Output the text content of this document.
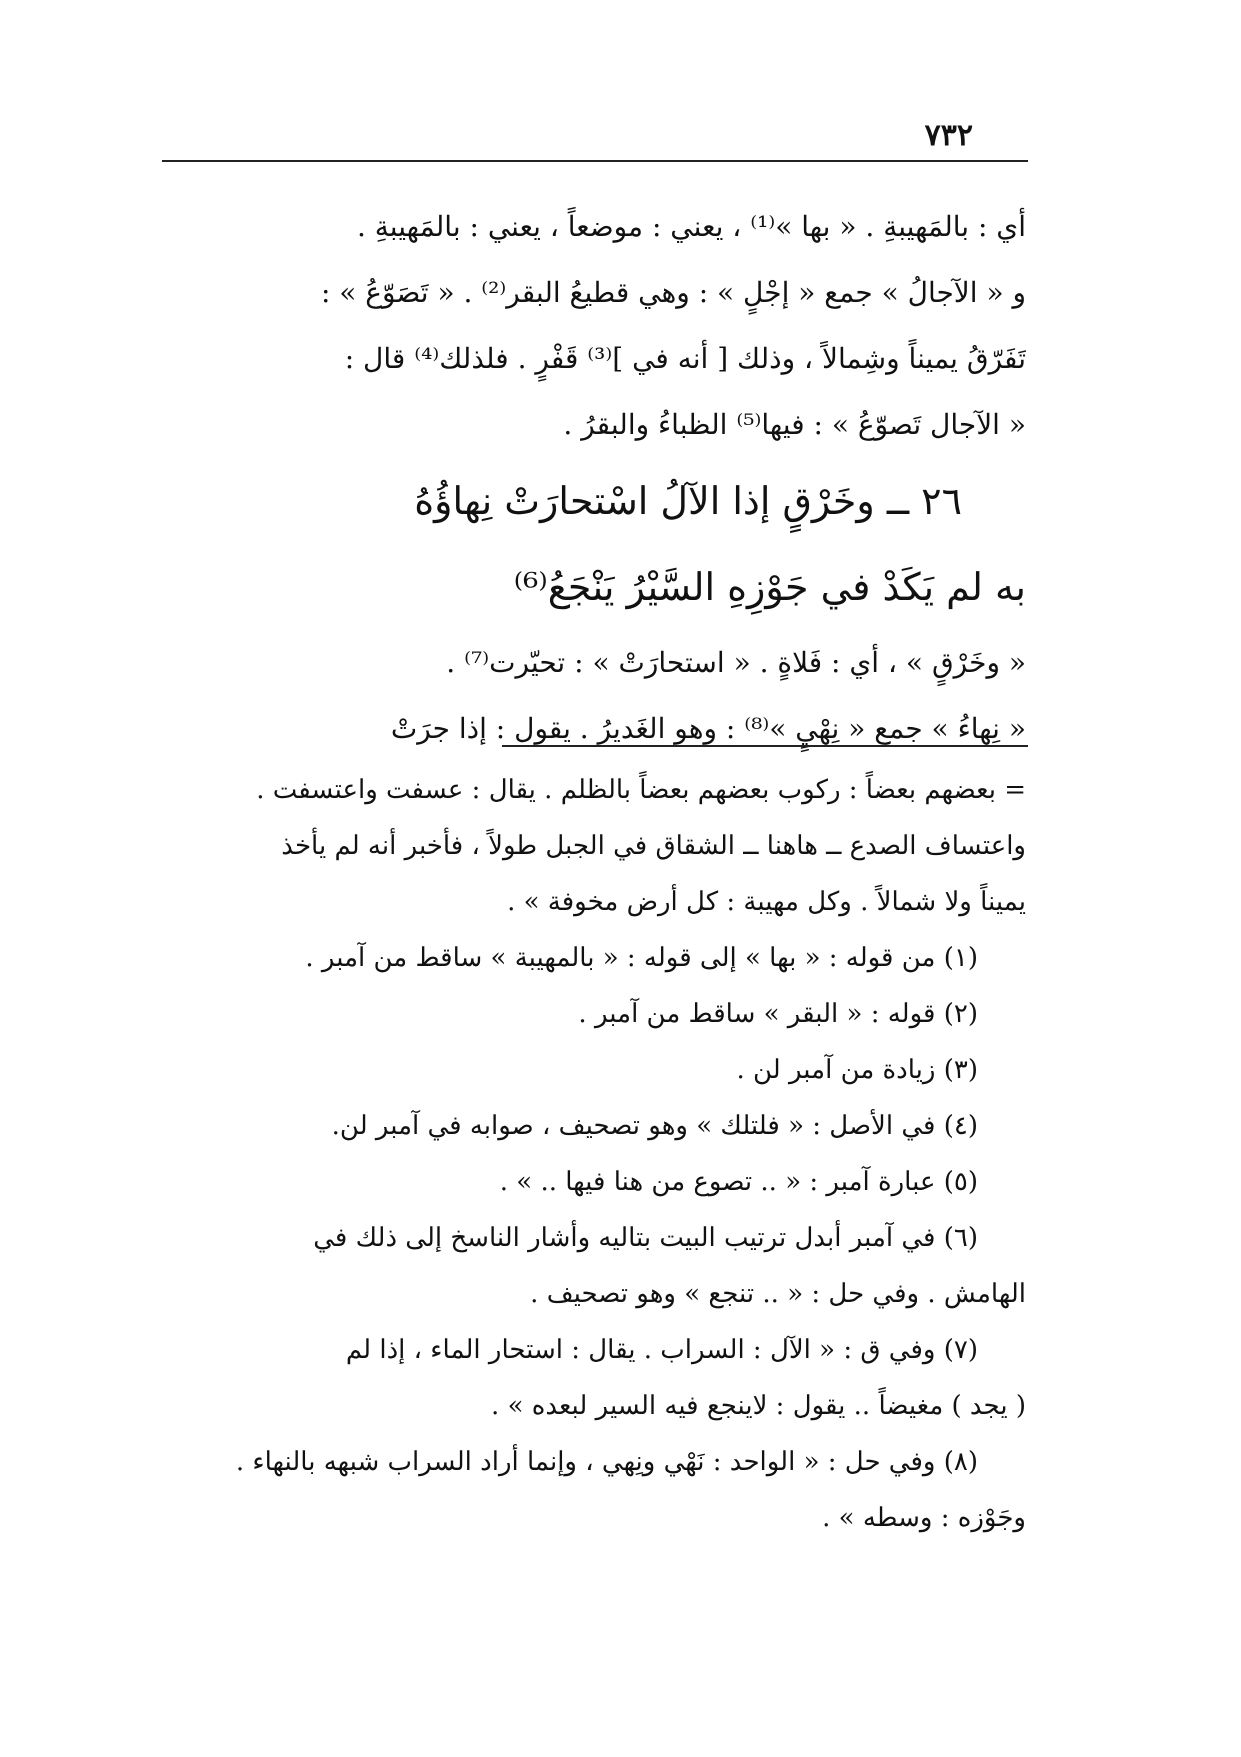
٧٣٢

أي : بالمَهيبةِ . « بها »⁽¹⁾ ، يعني : موضعاً ، يعني : بالمَهيبةِ .

و « الآجالُ » جمع « إجْلٍ » : وهي قطيعُ البقر⁽²⁾ . « تَصَوّعُ » :

تَفَرّقُ يميناً وشِمالاً ، وذلك [ أنه في ]⁽³⁾ قَفْرٍ . فلذلك⁽⁴⁾ قال :

« الآجال تَصوّعُ » : فيها⁽⁵⁾ الظباءُ والبقرُ .

٢٦ ــ وخَرْقٍ إذا الآلُ اسْتحارَتْ نِهاؤُهُ

به لم يَكَدْ في جَوْزِهِ السَّيْرُ يَنْجَعُ⁽⁶⁾

« وخَرْقٍ » ، أي : فَلاةٍ . « استحارَتْ » : تحيّرت⁽⁷⁾ .

« نِهاءُ » جمع « نِهْيٍ »⁽⁸⁾ : وهو الغَديرُ . يقول : إذا جرَتْ

= بعضهم بعضاً : ركوب بعضهم بعضاً بالظلم . يقال : عسفت واعتسفت .

واعتساف الصدع ــ هاهنا ــ الشقاق في الجبل طولاً ، فأخبر أنه لم يأخذ

يميناً ولا شمالاً . وكل مهيبة : كل أرض مخوفة » .

(١) من قوله : « بها » إلى قوله : « بالمهيبة » ساقط من آمبر .

(٢) قوله : « البقر » ساقط من آمبر .

(٣) زيادة من آمبر لن .

(٤) في الأصل : « فلتلك » وهو تصحيف ، صوابه في آمبر لن.

(٥) عبارة آمبر : « .. تصوع من هنا فيها .. » .

(٦) في آمبر أبدل ترتيب البيت بتاليه وأشار الناسخ إلى ذلك في

الهامش . وفي حل : « .. تنجع » وهو تصحيف .

(٧) وفي ق : « الآل : السراب . يقال : استحار الماء ، إذا لم

( يجد ) مغيضاً .. يقول : لاينجع فيه السير لبعده » .

(٨) وفي حل : « الواحد : نَهْي ونِهي ، وإنما أراد السراب شبهه بالنهاء .

وجَوْزه : وسطه » .
